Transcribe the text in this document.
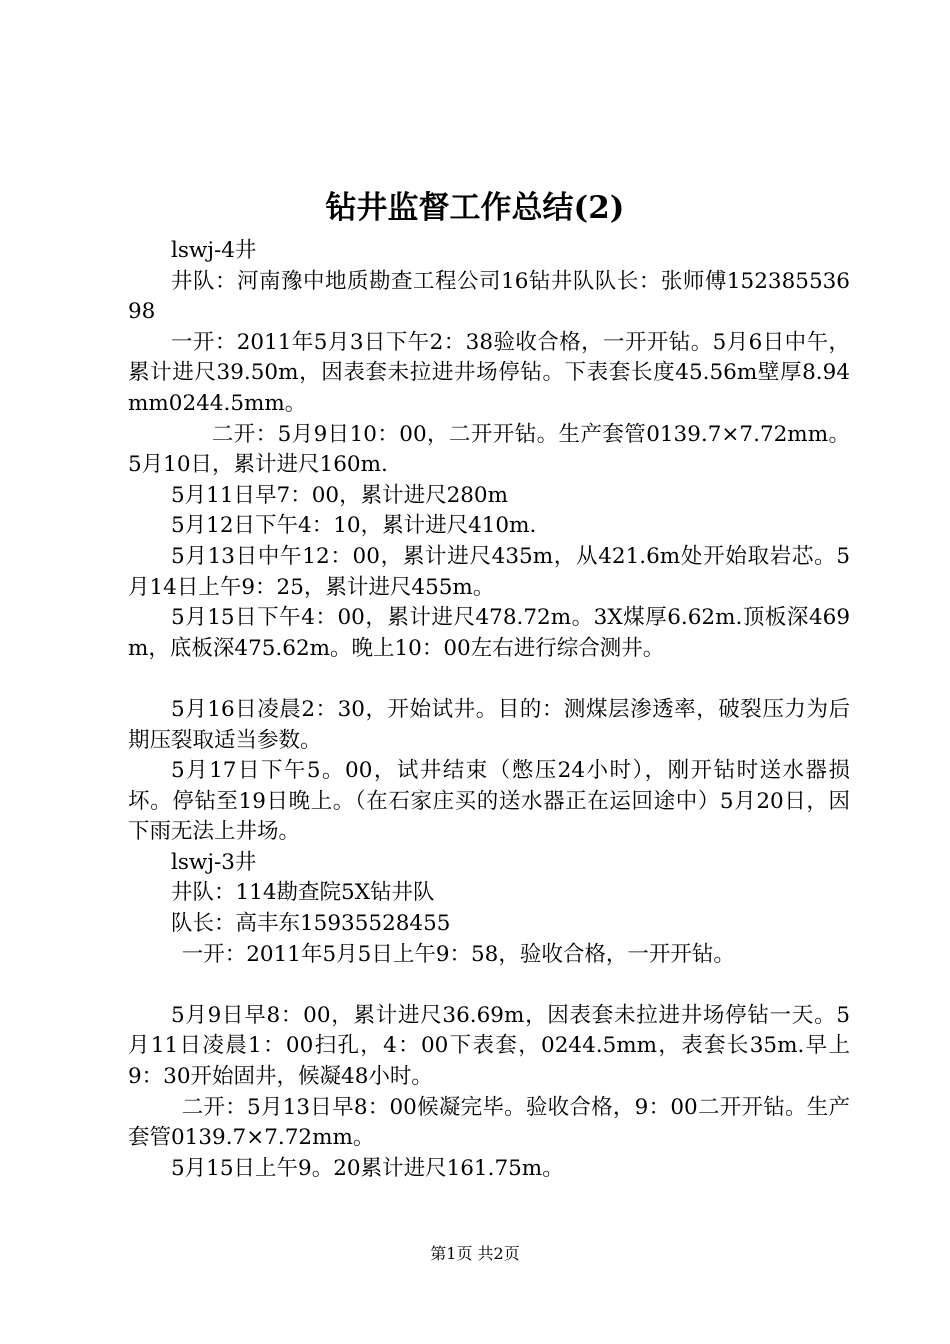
钻井监督工作总结(2)

lswj-4井

井队：河南豫中地质勘查工程公司16钻井队队长：张师傅15238553698

一开：2011年5月3日下午2：38验收合格，一开开钻。5月6日中午，累计进尺39.50m，因表套未拉进井场停钻。下表套长度45.56m壁厚8.94mm0244.5mm。

二开：5月9日10：00，二开开钻。生产套管0139.7×7.72mm。5月10日，累计进尺160m.

5月11日早7：00，累计进尺280m

5月12日下午4：10，累计进尺410m.

5月13日中午12：00，累计进尺435m，从421.6m处开始取岩芯。5月14日上午9：25，累计进尺455m。

5月15日下午4：00，累计进尺478.72m。3X煤厚6.62m.顶板深469m，底板深475.62m。晚上10：00左右进行综合测井。

5月16日凌晨2：30，开始试井。目的：测煤层渗透率，破裂压力为后期压裂取适当参数。

5月17日下午5。00，试井结束（憋压24小时），刚开钻时送水器损坏。停钻至19日晚上。（在石家庄买的送水器正在运回途中）5月20日，因下雨无法上井场。

lswj-3井

井队：114勘查院5X钻井队

队长：高丰东15935528455

一开：2011年5月5日上午9：58，验收合格，一开开钻。

5月9日早8：00，累计进尺36.69m，因表套未拉进井场停钻一天。5月11日凌晨1：00扫孔，4：00下表套，0244.5mm，表套长35m.早上9：30开始固井，候凝48小时。

二开：5月13日早8：00候凝完毕。验收合格，9：00二开开钻。生产套管0139.7×7.72mm。

5月15日上午9。20累计进尺161.75m。

第1页 共2页
